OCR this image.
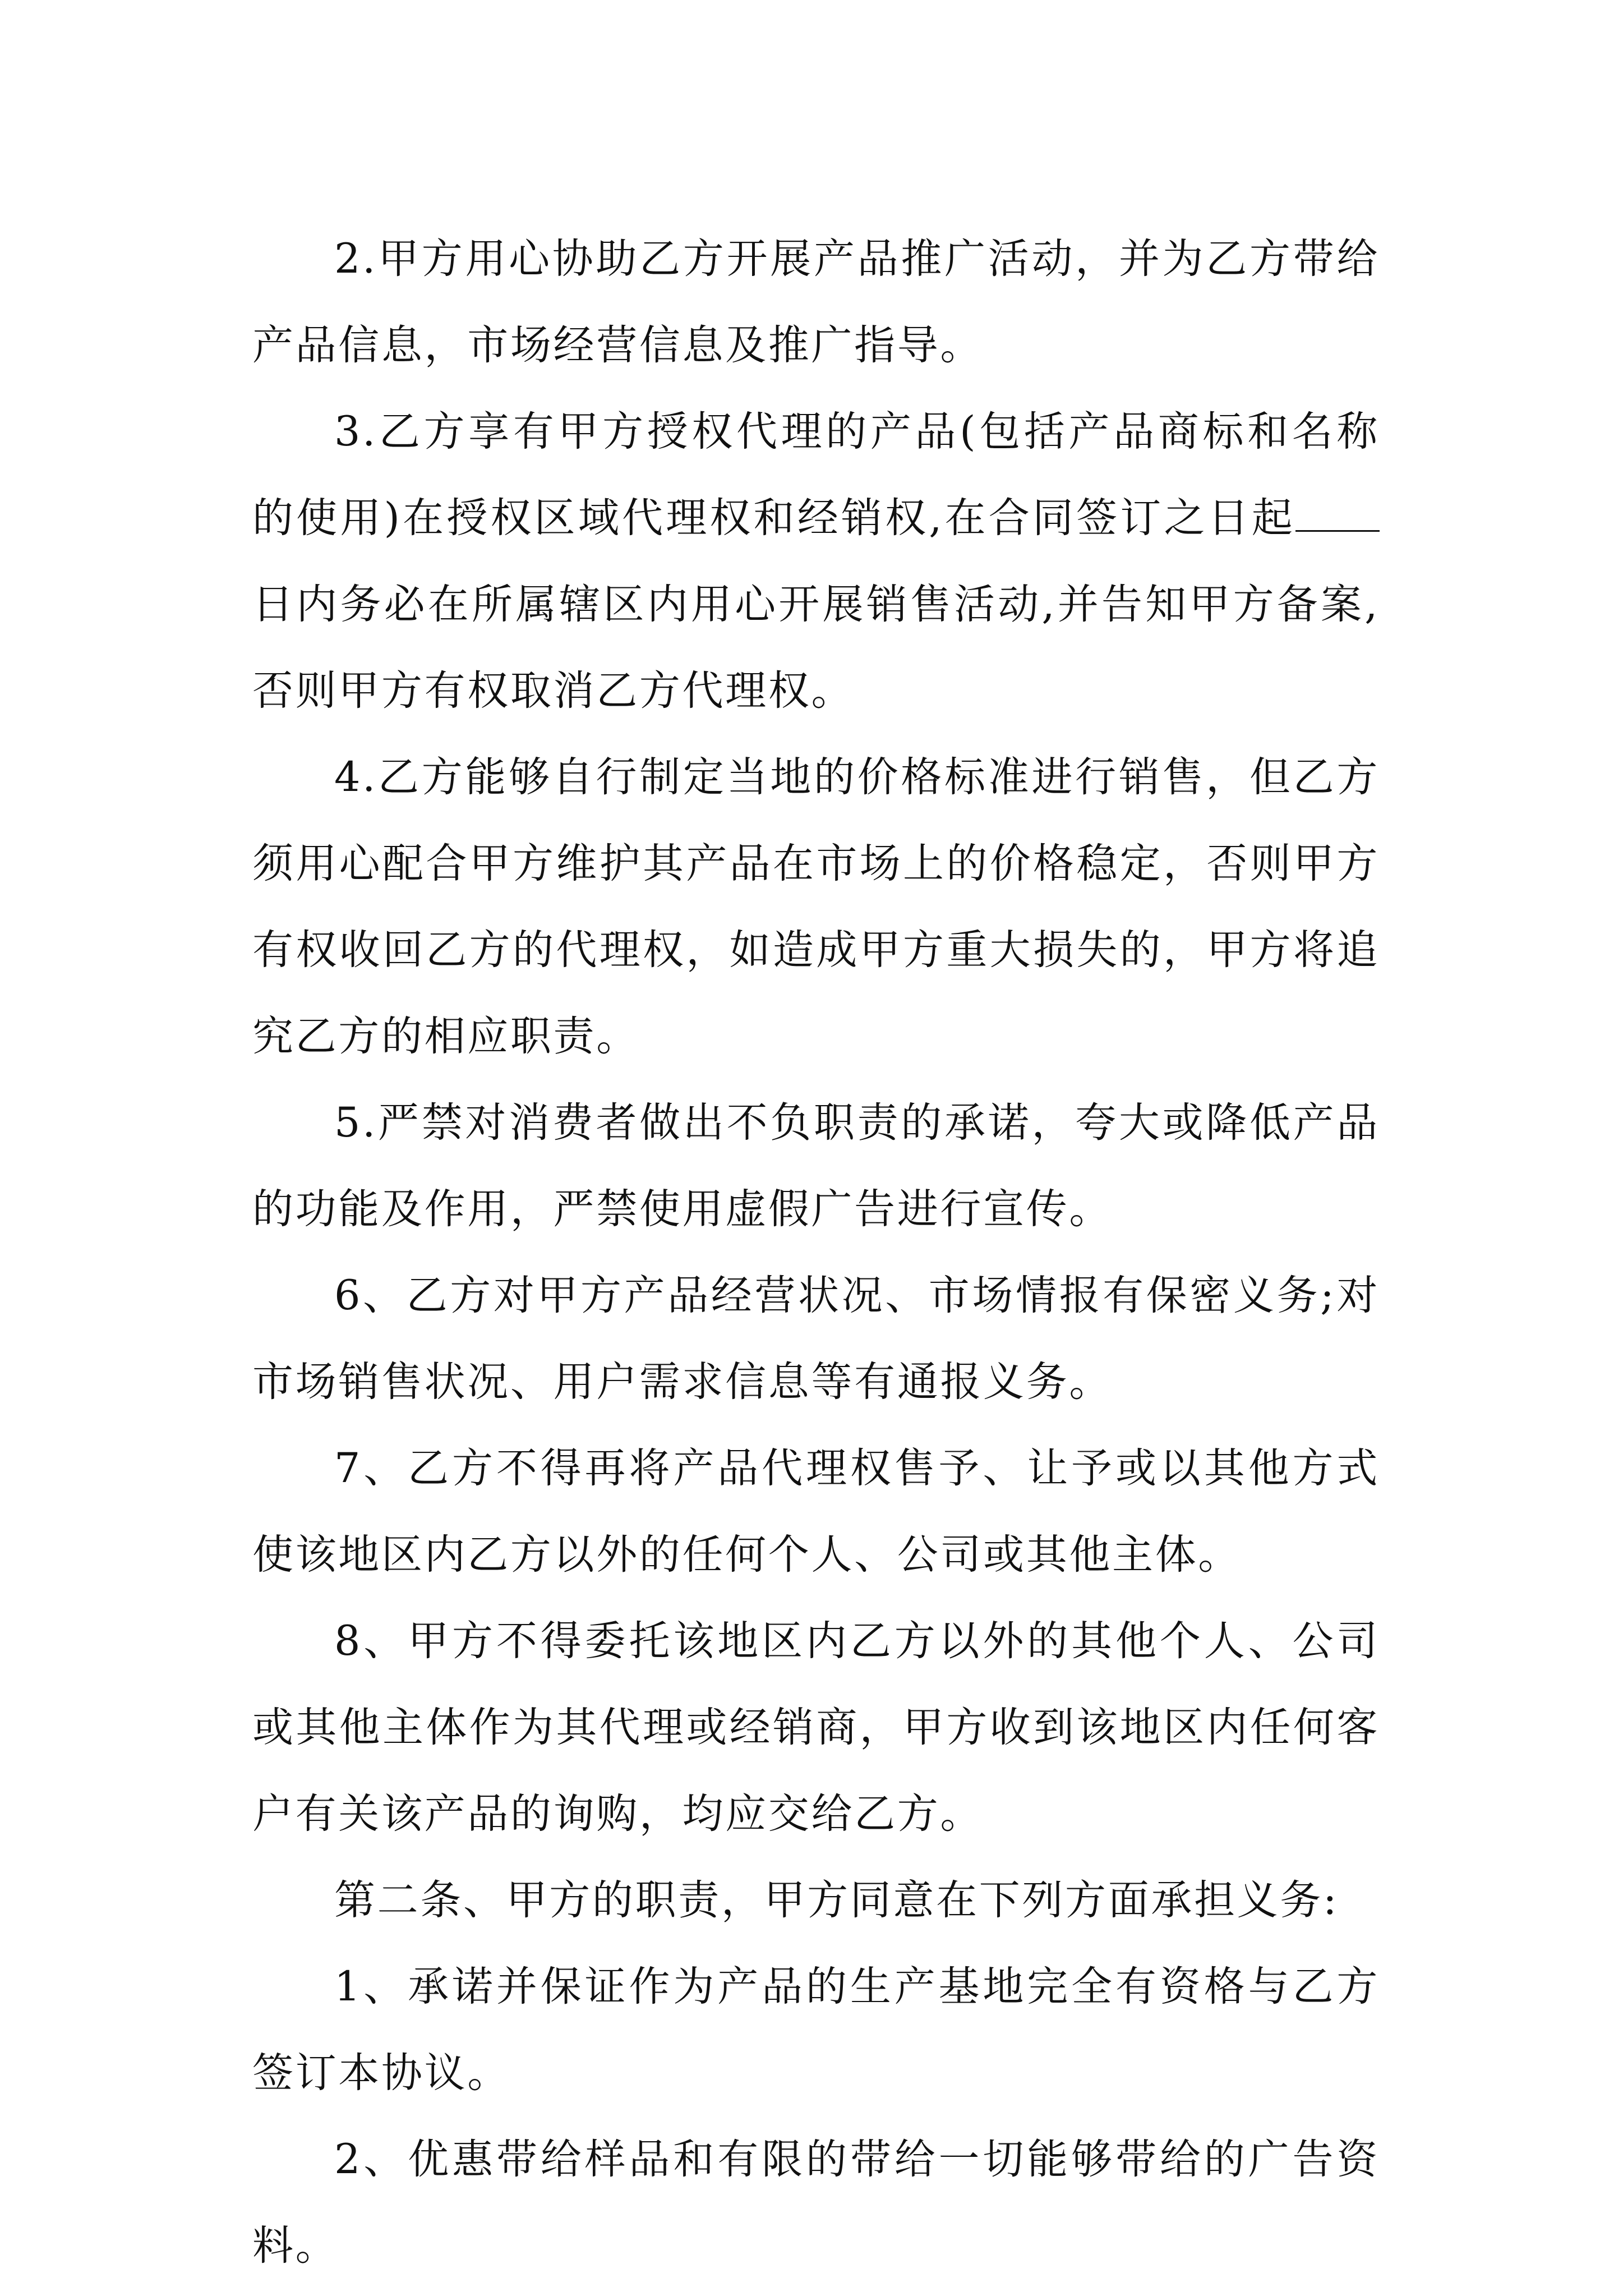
2.甲方用心协助乙方开展产品推广活动，并为乙方带给产品信息，市场经营信息及推广指导。

3.乙方享有甲方授权代理的产品(包括产品商标和名称的使用)在授权区域代理权和经销权,在合同签订之日起日内务必在所属辖区内用心开展销售活动,并告知甲方备案,否则甲方有权取消乙方代理权。

4.乙方能够自行制定当地的价格标准进行销售，但乙方须用心配合甲方维护其产品在市场上的价格稳定，否则甲方有权收回乙方的代理权，如造成甲方重大损失的，甲方将追究乙方的相应职责。

5.严禁对消费者做出不负职责的承诺，夸大或降低产品的功能及作用，严禁使用虚假广告进行宣传。

6、乙方对甲方产品经营状况、市场情报有保密义务;对市场销售状况、用户需求信息等有通报义务。

7、乙方不得再将产品代理权售予、让予或以其他方式使该地区内乙方以外的任何个人、公司或其他主体。

8、甲方不得委托该地区内乙方以外的其他个人、公司或其他主体作为其代理或经销商，甲方收到该地区内任何客户有关该产品的询购，均应交给乙方。

第二条、甲方的职责，甲方同意在下列方面承担义务:

1、承诺并保证作为产品的生产基地完全有资格与乙方签订本协议。

2、优惠带给样品和有限的带给一切能够带给的广告资料。
